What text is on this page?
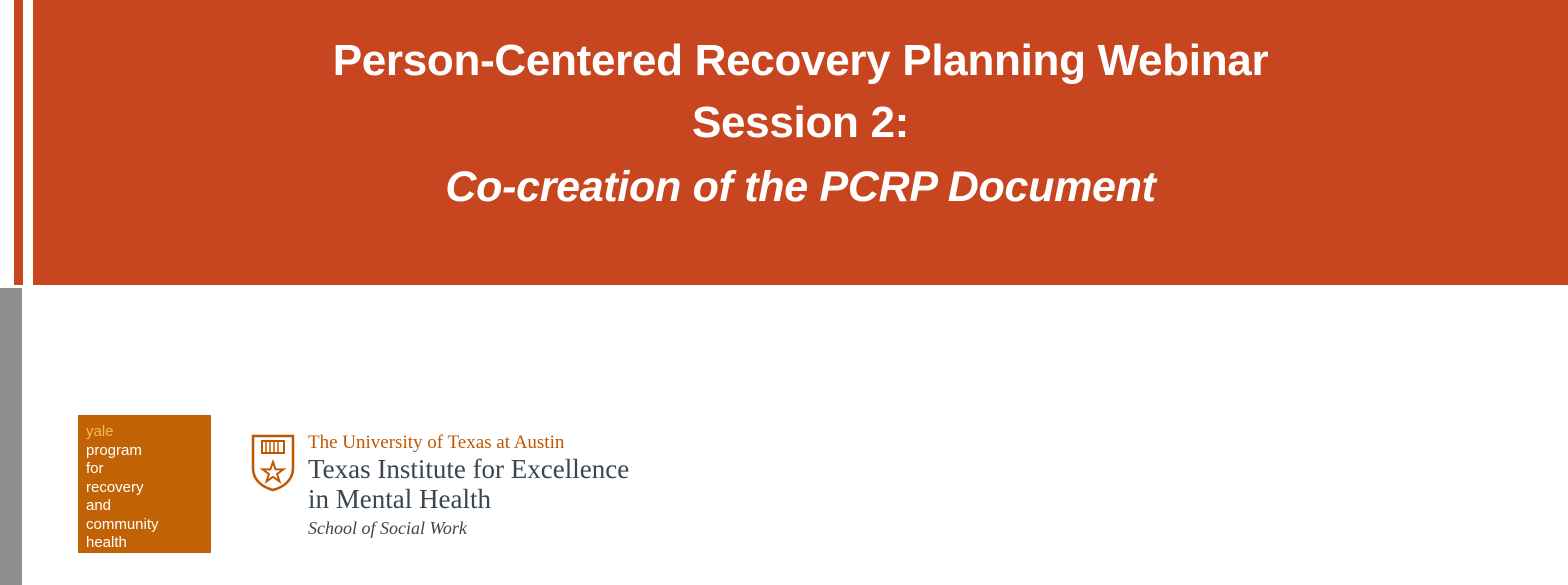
Person-Centered Recovery Planning Webinar
Session 2:
Co-creation of the PCRP Document
yale
program
for
recovery
and
community
health
The University of Texas at Austin
Texas Institute for Excellence
in Mental Health
School of Social Work
